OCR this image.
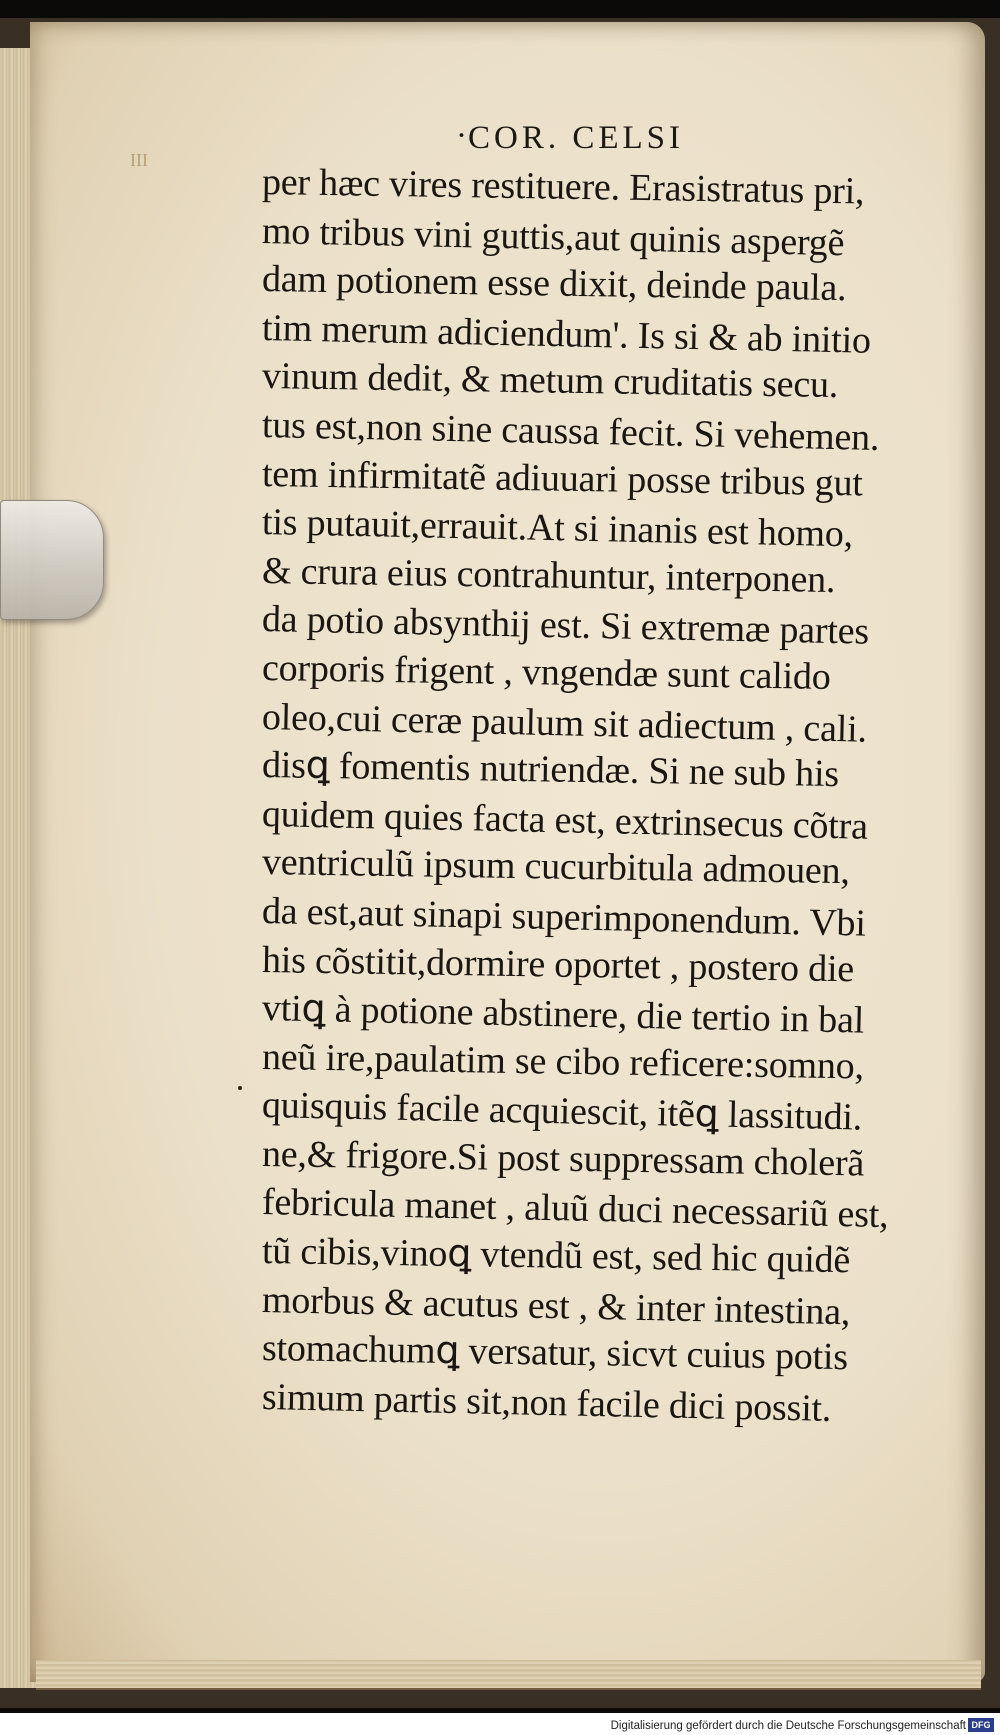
III
· COR. CELSI
per hæc vires restituere. Erasistratus pri,
mo tribus vini guttis,aut quinis aspergẽ
dam potionem esse dixit, deinde paula.
tim merum adiciendum'. Is si & ab initio
vinum dedit, & metum cruditatis secu.
tus est,non sine caussa fecit. Si vehemen.
tem infirmitatẽ adiuuari posse tribus gut
tis putauit,errauit.At si inanis est homo,
& crura eius contrahuntur, interponen.
da potio absynthij est. Si extremæ partes
corporis frigent , vngendæ sunt calido
oleo,cui ceræ paulum sit adiectum , cali.
disꝗ fomentis nutriendæ. Si ne sub his
quidem quies facta est, extrinsecus cõtra
ventriculũ ipsum cucurbitula admouen,
da est,aut sinapi superimponendum. Vbi
his cõstitit,dormire oportet , postero die
vtiꝗ à potione abstinere, die tertio in bal
neũ ire,paulatim se cibo reficere:somno,
quisquis facile acquiescit, itẽꝗ lassitudi.
ne,& frigore.Si post suppressam cholerã
febricula manet , aluũ duci necessariũ est,
tũ cibis,vinoꝗ vtendũ est, sed hic quidẽ
morbus & acutus est , & inter intestina,
stomachumꝗ versatur, sicvt cuius potis
simum partis sit,non facile dici possit.
Digitalisierung gefördert durch die Deutsche Forschungsgemeinschaft DFG
